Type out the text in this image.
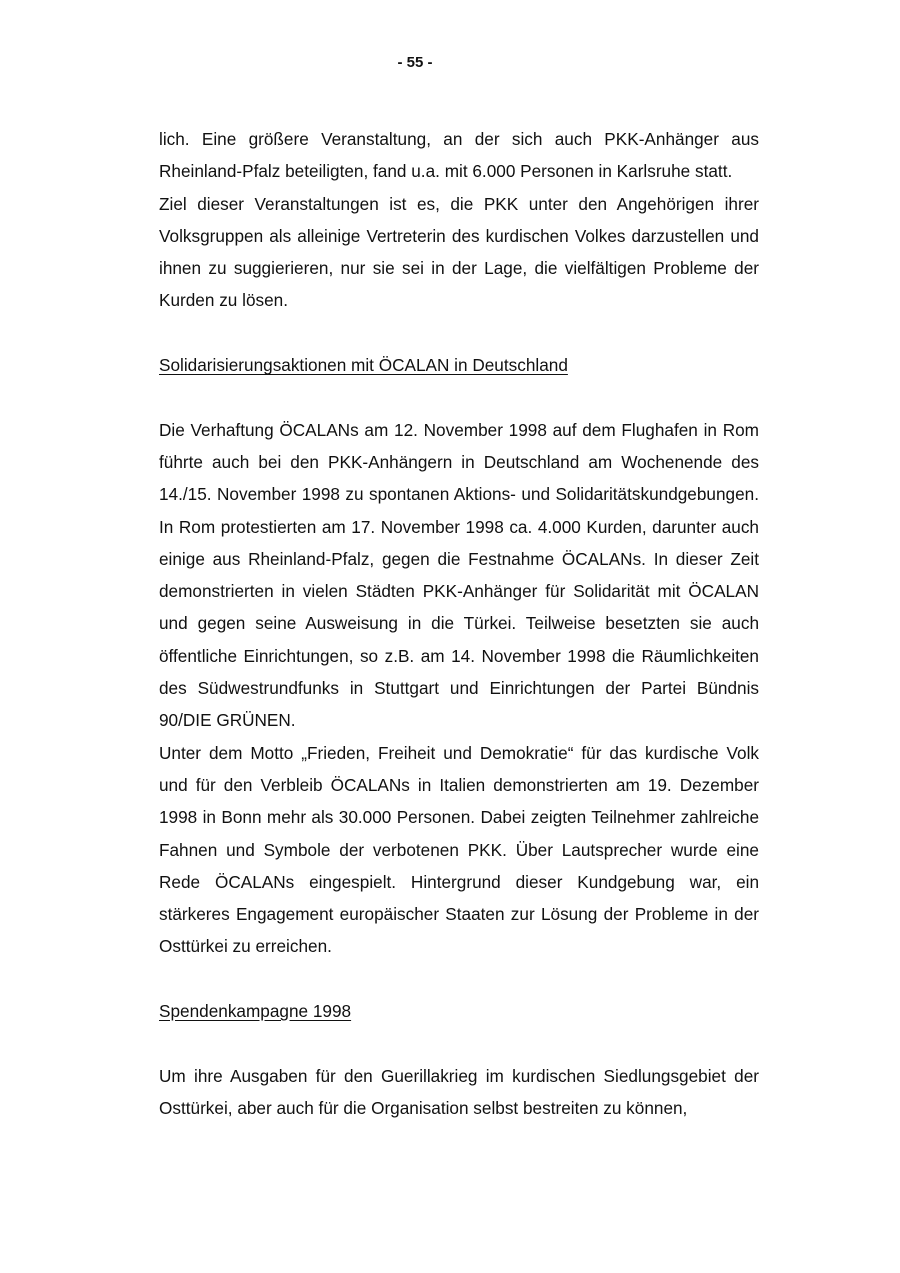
- 55 -

lich. Eine größere Veranstaltung, an der sich auch PKK-Anhänger aus Rheinland-Pfalz beteiligten, fand u.a. mit 6.000 Personen in Karlsruhe statt.

Ziel dieser Veranstaltungen ist es, die PKK unter den Angehörigen ihrer Volksgruppen als alleinige Vertreterin des kurdischen Volkes darzustellen und ihnen zu suggierieren, nur sie sei in der Lage, die vielfältigen Probleme der Kurden zu lösen.

Solidarisierungsaktionen mit ÖCALAN in Deutschland

Die Verhaftung ÖCALANs am 12. November 1998 auf dem Flughafen in Rom führte auch bei den PKK-Anhängern in Deutschland am Wochenende des 14./15. November 1998 zu spontanen Aktions- und Solidaritätskundgebungen. In Rom protestierten am 17. November 1998 ca. 4.000 Kurden, darunter auch einige aus Rheinland-Pfalz, gegen die Festnahme ÖCALANs. In dieser Zeit demonstrierten in vielen Städten PKK-Anhänger für Solidarität mit ÖCALAN und gegen seine Ausweisung in die Türkei. Teilweise besetzten sie auch öffentliche Einrichtungen, so z.B. am 14. November 1998 die Räumlichkeiten des Südwestrundfunks in Stuttgart und Einrichtungen der Partei Bündnis 90/DIE GRÜNEN.

Unter dem Motto „Frieden, Freiheit und Demokratie“ für das kurdische Volk und für den Verbleib ÖCALANs in Italien demonstrierten am 19. Dezember 1998 in Bonn mehr als 30.000 Personen. Dabei zeigten Teilnehmer zahlreiche Fahnen und Symbole der verbotenen PKK. Über Lautsprecher wurde eine Rede ÖCALANs eingespielt. Hintergrund dieser Kundgebung war, ein stärkeres Engagement europäischer Staaten zur Lösung der Probleme in der Osttürkei zu erreichen.

Spendenkampagne 1998

Um ihre Ausgaben für den Guerillakrieg im kurdischen Siedlungsgebiet der Osttürkei, aber auch für die Organisation selbst bestreiten zu können,
